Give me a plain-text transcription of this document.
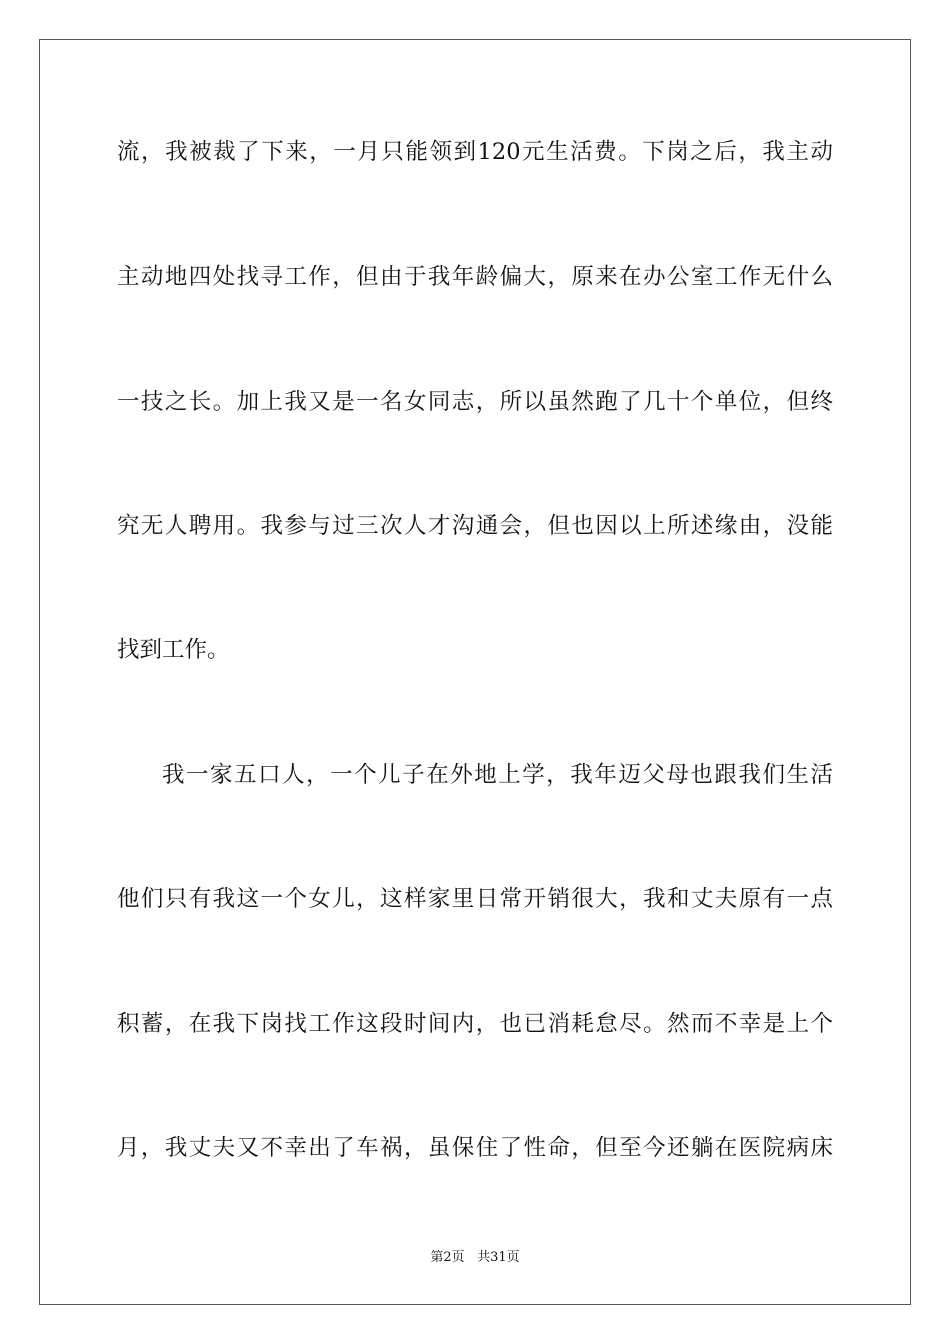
流，我被裁了下来，一月只能领到120元生活费。下岗之后，我主动
主动地四处找寻工作，但由于我年龄偏大，原来在办公室工作无什么
一技之长。加上我又是一名女同志，所以虽然跑了几十个单位，但终
究无人聘用。我参与过三次人才沟通会，但也因以上所述缘由，没能
找到工作。
我一家五口人，一个儿子在外地上学，我年迈父母也跟我们生活
他们只有我这一个女儿，这样家里日常开销很大，我和丈夫原有一点
积蓄，在我下岗找工作这段时间内，也已消耗怠尽。然而不幸是上个
月，我丈夫又不幸出了车祸，虽保住了性命，但至今还躺在医院病床
第2页 共31页
